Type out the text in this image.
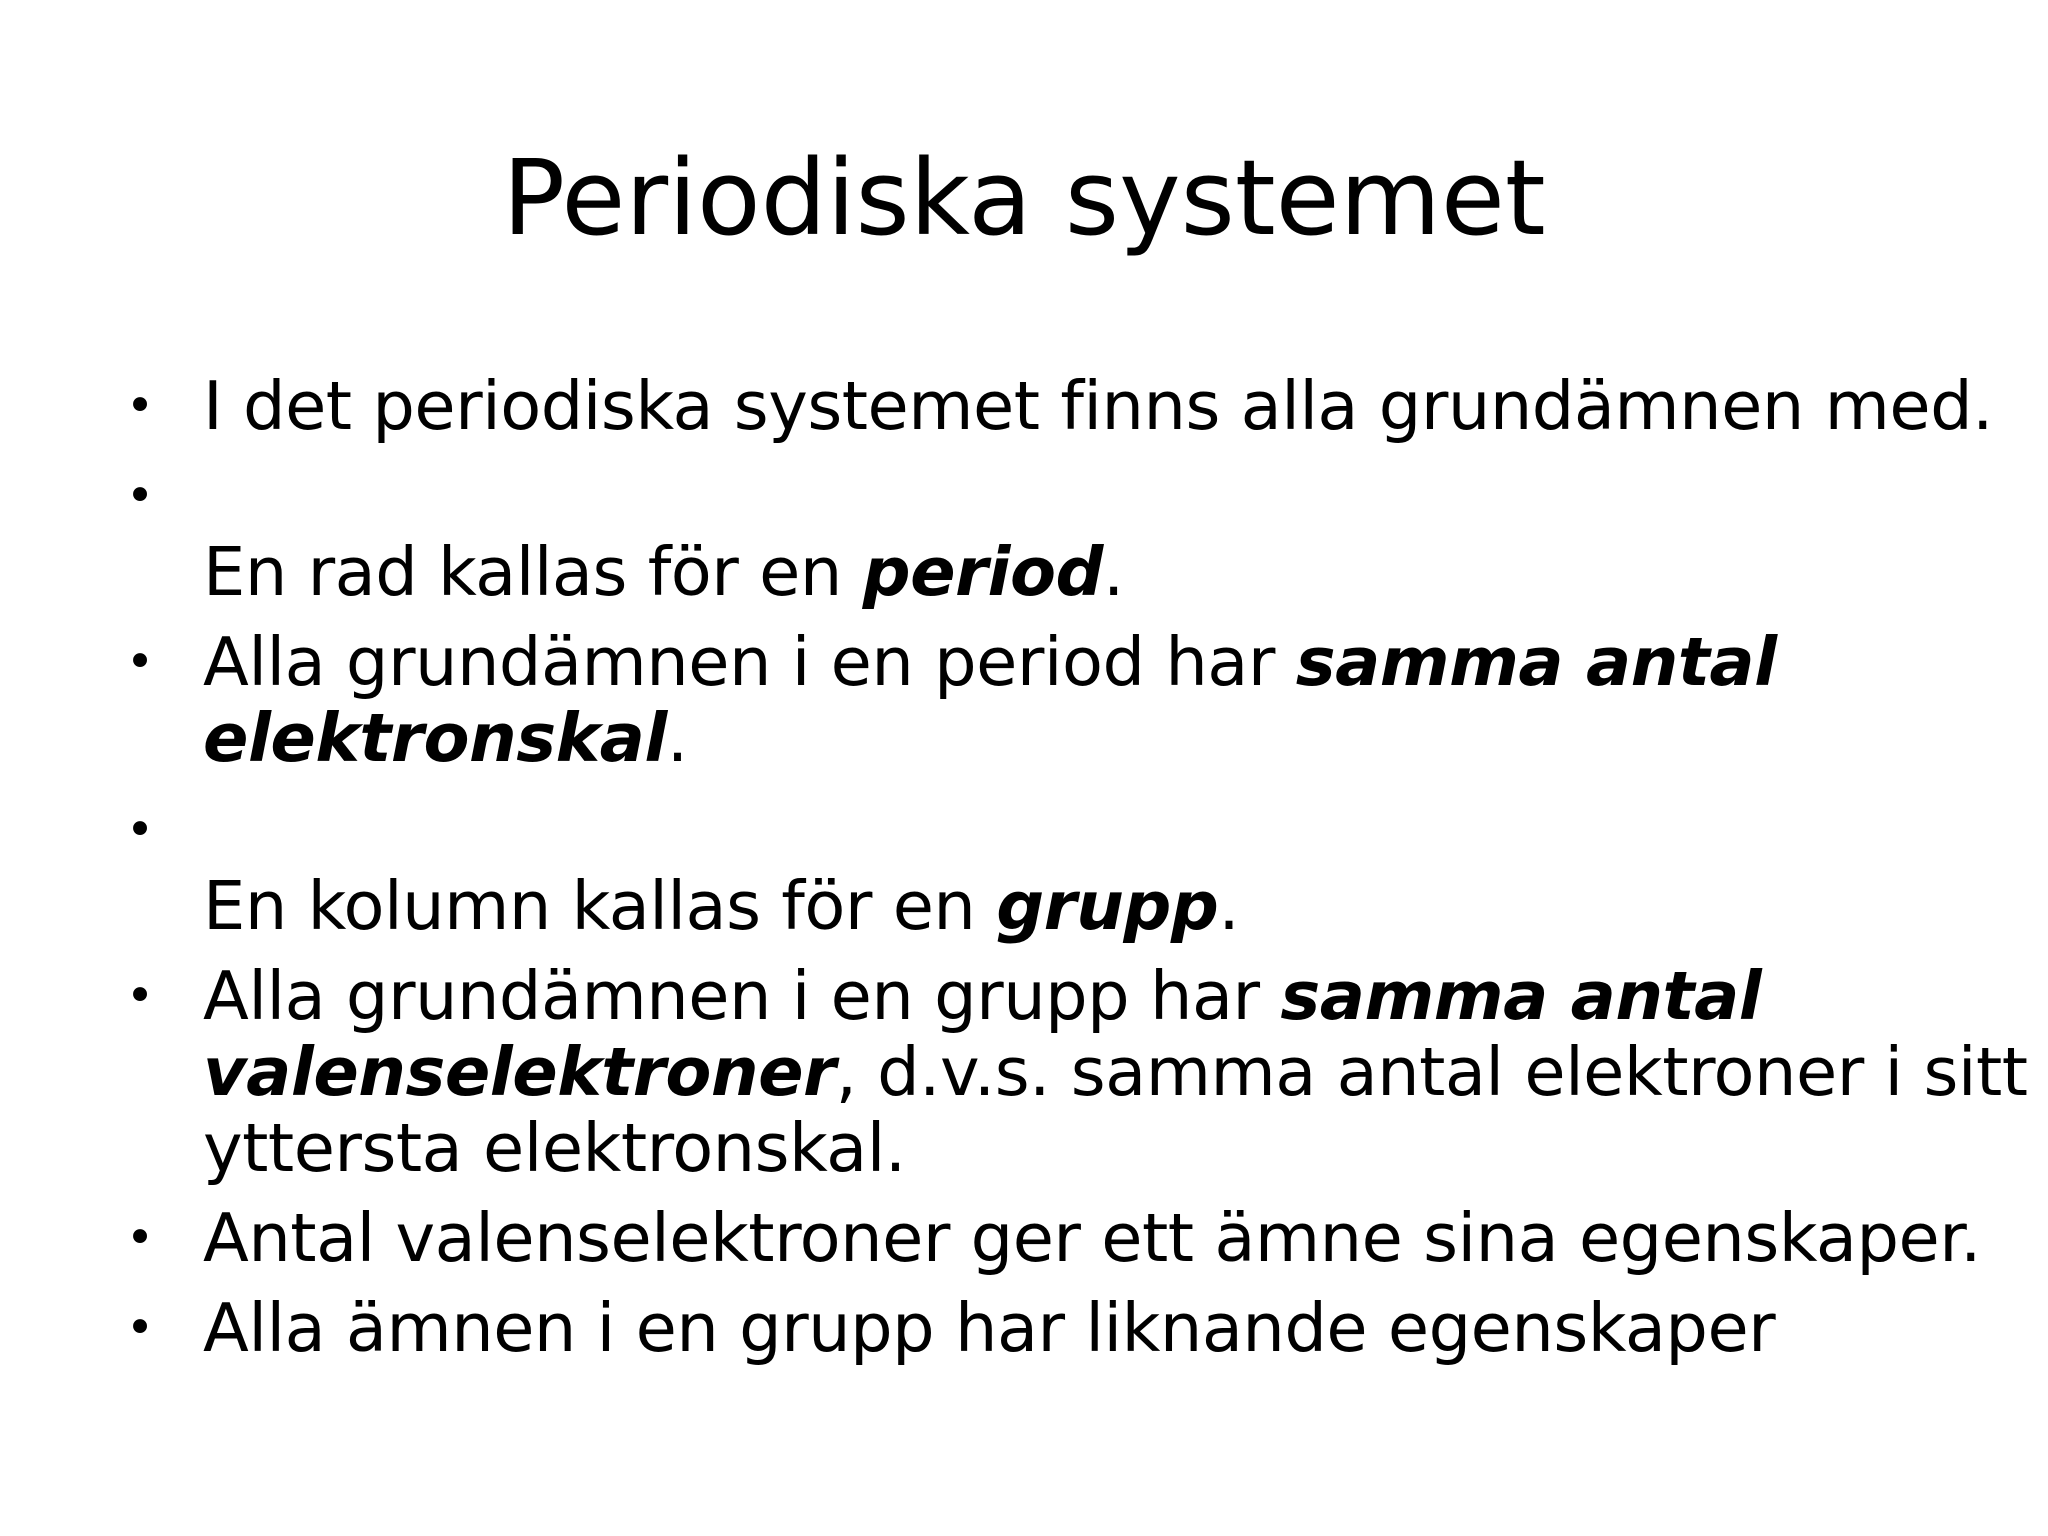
Periodiska systemet
• I det periodiska systemet finns alla grundämnen med.
•
En rad kallas för en period.
• Alla grundämnen i en period har samma antal
elektronskal.
•
En kolumn kallas för en grupp.
• Alla grundämnen i en grupp har samma antal
valenselektroner, d.v.s. samma antal elektroner i sitt
yttersta elektronskal.
• Antal valenselektroner ger ett ämne sina egenskaper.
• Alla ämnen i en grupp har liknande egenskaper
